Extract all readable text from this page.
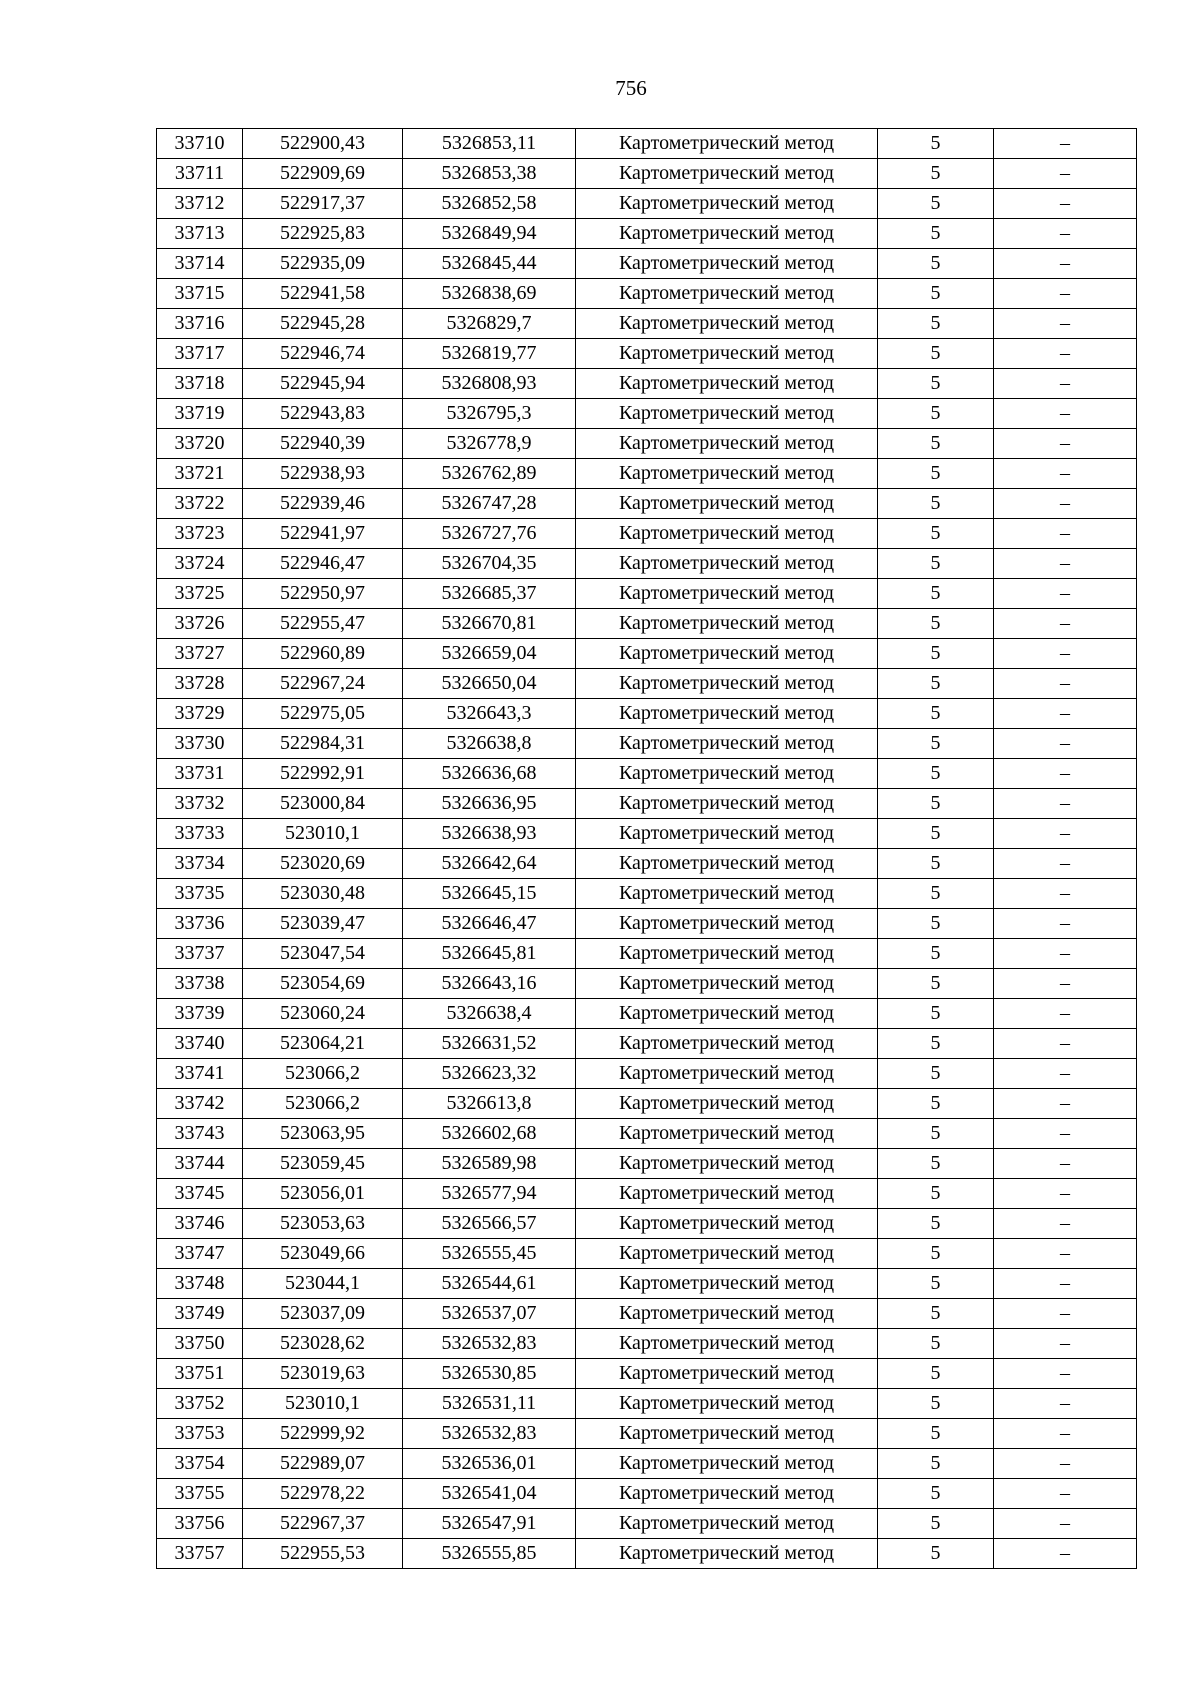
756
33710	522900,43	5326853,11	Картометрический метод	5	–
33711	522909,69	5326853,38	Картометрический метод	5	–
33712	522917,37	5326852,58	Картометрический метод	5	–
33713	522925,83	5326849,94	Картометрический метод	5	–
33714	522935,09	5326845,44	Картометрический метод	5	–
33715	522941,58	5326838,69	Картометрический метод	5	–
33716	522945,28	5326829,7	Картометрический метод	5	–
33717	522946,74	5326819,77	Картометрический метод	5	–
33718	522945,94	5326808,93	Картометрический метод	5	–
33719	522943,83	5326795,3	Картометрический метод	5	–
33720	522940,39	5326778,9	Картометрический метод	5	–
33721	522938,93	5326762,89	Картометрический метод	5	–
33722	522939,46	5326747,28	Картометрический метод	5	–
33723	522941,97	5326727,76	Картометрический метод	5	–
33724	522946,47	5326704,35	Картометрический метод	5	–
33725	522950,97	5326685,37	Картометрический метод	5	–
33726	522955,47	5326670,81	Картометрический метод	5	–
33727	522960,89	5326659,04	Картометрический метод	5	–
33728	522967,24	5326650,04	Картометрический метод	5	–
33729	522975,05	5326643,3	Картометрический метод	5	–
33730	522984,31	5326638,8	Картометрический метод	5	–
33731	522992,91	5326636,68	Картометрический метод	5	–
33732	523000,84	5326636,95	Картометрический метод	5	–
33733	523010,1	5326638,93	Картометрический метод	5	–
33734	523020,69	5326642,64	Картометрический метод	5	–
33735	523030,48	5326645,15	Картометрический метод	5	–
33736	523039,47	5326646,47	Картометрический метод	5	–
33737	523047,54	5326645,81	Картометрический метод	5	–
33738	523054,69	5326643,16	Картометрический метод	5	–
33739	523060,24	5326638,4	Картометрический метод	5	–
33740	523064,21	5326631,52	Картометрический метод	5	–
33741	523066,2	5326623,32	Картометрический метод	5	–
33742	523066,2	5326613,8	Картометрический метод	5	–
33743	523063,95	5326602,68	Картометрический метод	5	–
33744	523059,45	5326589,98	Картометрический метод	5	–
33745	523056,01	5326577,94	Картометрический метод	5	–
33746	523053,63	5326566,57	Картометрический метод	5	–
33747	523049,66	5326555,45	Картометрический метод	5	–
33748	523044,1	5326544,61	Картометрический метод	5	–
33749	523037,09	5326537,07	Картометрический метод	5	–
33750	523028,62	5326532,83	Картометрический метод	5	–
33751	523019,63	5326530,85	Картометрический метод	5	–
33752	523010,1	5326531,11	Картометрический метод	5	–
33753	522999,92	5326532,83	Картометрический метод	5	–
33754	522989,07	5326536,01	Картометрический метод	5	–
33755	522978,22	5326541,04	Картометрический метод	5	–
33756	522967,37	5326547,91	Картометрический метод	5	–
33757	522955,53	5326555,85	Картометрический метод	5	–
